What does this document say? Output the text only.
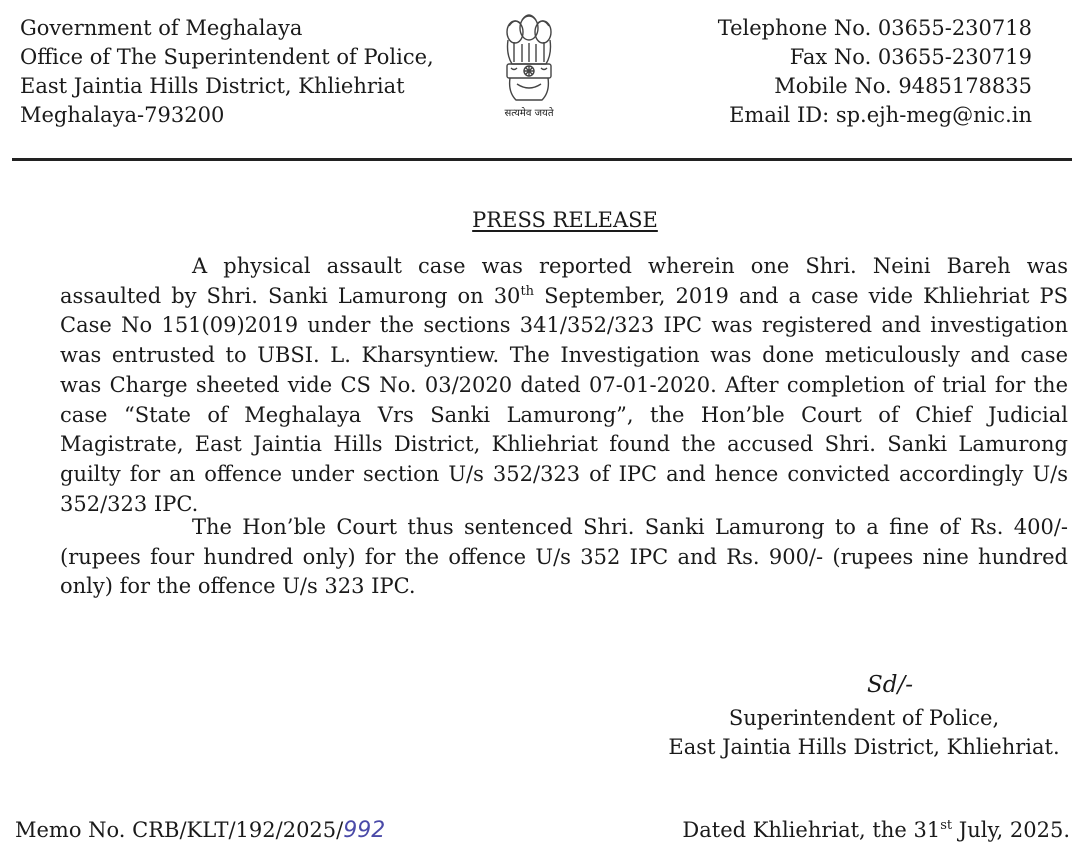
Government of Meghalaya
Office of The Superintendent of Police,
East Jaintia Hills District, Khliehriat
Meghalaya-793200	सत्यमेव जयते
Telephone No. 03655-230718
Fax No. 03655-230719
Mobile No. 9485178835
Email ID: sp.ejh-meg@nic.in
PRESS RELEASE
A physical assault case was reported wherein one Shri. Neini Bareh was assaulted by Shri. Sanki Lamurong on 30th September, 2019 and a case vide Khliehriat PS Case No 151(09)2019 under the sections 341/352/323 IPC was registered and investigation was entrusted to UBSI. L. Kharsyntiew. The Investigation was done meticulously and case was Charge sheeted vide CS No. 03/2020 dated 07-01-2020. After completion of trial for the case “State of Meghalaya Vrs Sanki Lamurong”, the Hon’ble Court of Chief Judicial Magistrate, East Jaintia Hills District, Khliehriat found the accused Shri. Sanki Lamurong guilty for an offence under section U/s 352/323 of IPC and hence convicted accordingly U/s 352/323 IPC.
The Hon’ble Court thus sentenced Shri. Sanki Lamurong to a fine of Rs. 400/- (rupees four hundred only) for the offence U/s 352 IPC and Rs. 900/- (rupees nine hundred only) for the offence U/s 323 IPC.
Sd/-
Superintendent of Police,
East Jaintia Hills District, Khliehriat.
Memo No. CRB/KLT/192/2025/992	Dated Khliehriat, the 31st July, 2025.
